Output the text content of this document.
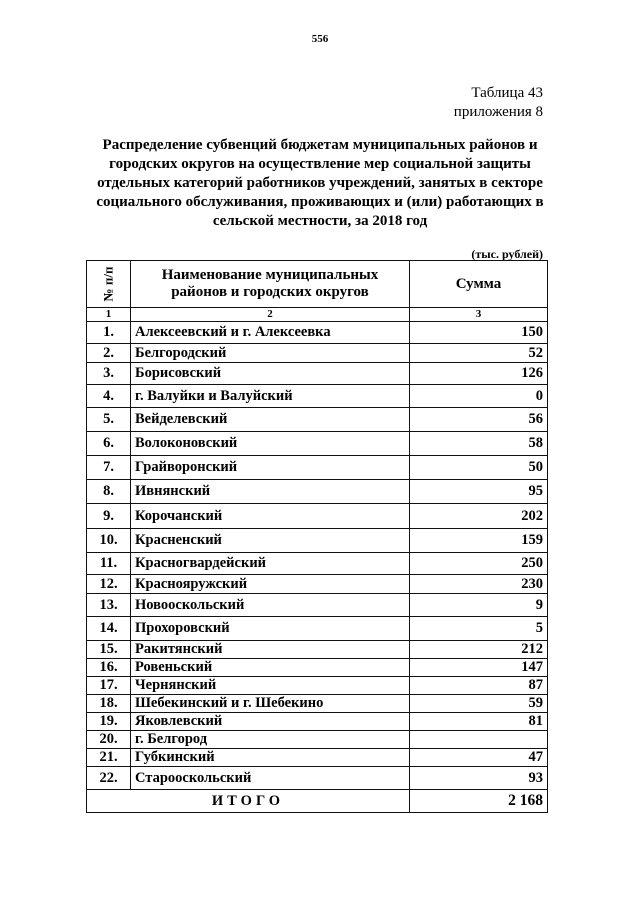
556
Таблица 43
приложения 8
Распределение субвенций бюджетам муниципальных районов и городских округов на осуществление мер социальной защиты отдельных категорий работников учреждений, занятых в секторе социального обслуживания, проживающих и (или) работающих в сельской местности, за 2018 год
(тыс. рублей)
№ п/п	Наименование муниципальных районов и городских округов	Сумма
1	2	3
1.	Алексеевский и г. Алексеевка	150
2.	Белгородский	52
3.	Борисовский	126
4.	г. Валуйки и Валуйский	0
5.	Вейделевский	56
6.	Волоконовский	58
7.	Грайворонский	50
8.	Ивнянский	95
9.	Корочанский	202
10.	Красненский	159
11.	Красногвардейский	250
12.	Краснояружский	230
13.	Новооскольский	9
14.	Прохоровский	5
15.	Ракитянский	212
16.	Ровеньский	147
17.	Чернянский	87
18.	Шебекинский и г. Шебекино	59
19.	Яковлевский	81
20.	г. Белгород	
21.	Губкинский	47
22.	Старооскольский	93
ИТОГО		2 168
